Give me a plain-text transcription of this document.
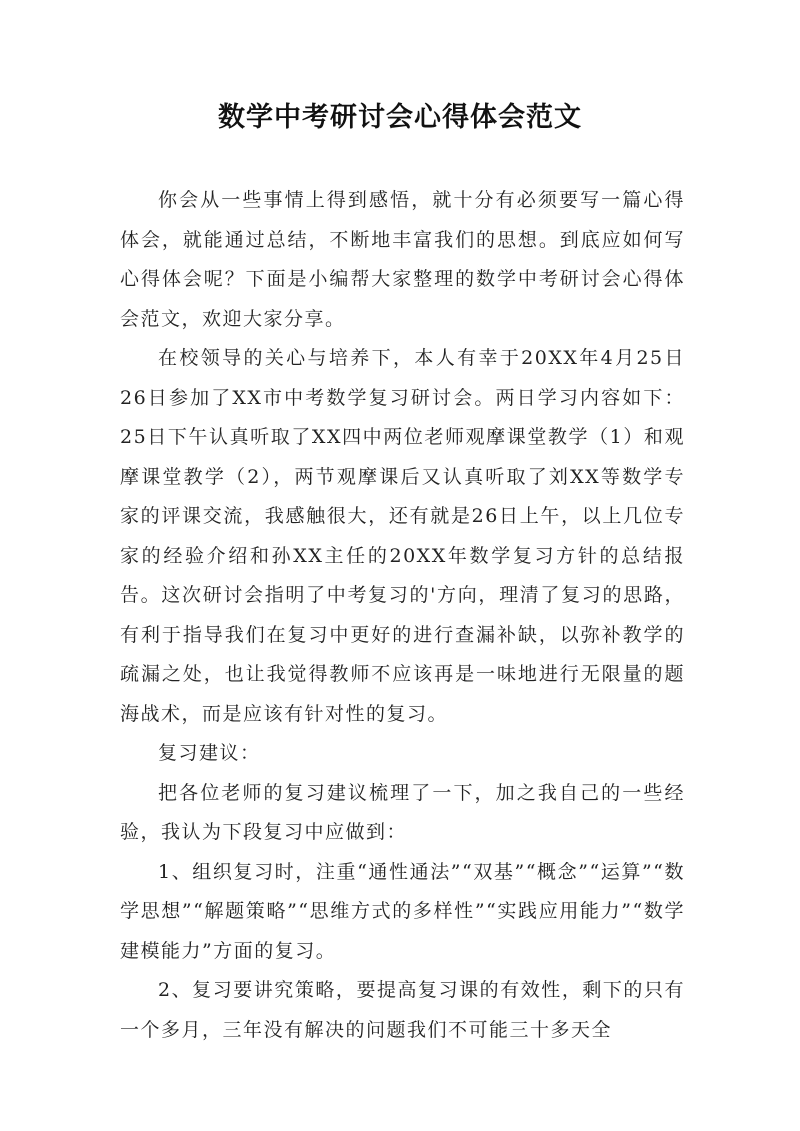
数学中考研讨会心得体会范文

你会从一些事情上得到感悟，就十分有必须要写一篇心得体会，就能通过总结，不断地丰富我们的思想。到底应如何写心得体会呢？下面是小编帮大家整理的数学中考研讨会心得体会范文，欢迎大家分享。

在校领导的关心与培养下，本人有幸于20XX年4月25日26日参加了XX市中考数学复习研讨会。两日学习内容如下：25日下午认真听取了XX四中两位老师观摩课堂教学（1）和观摩课堂教学（2），两节观摩课后又认真听取了刘XX等数学专家的评课交流，我感触很大，还有就是26日上午，以上几位专家的经验介绍和孙XX主任的20XX年数学复习方针的总结报告。这次研讨会指明了中考复习的'方向，理清了复习的思路，有利于指导我们在复习中更好的进行查漏补缺，以弥补教学的疏漏之处，也让我觉得教师不应该再是一味地进行无限量的题海战术，而是应该有针对性的复习。

复习建议：

把各位老师的复习建议梳理了一下，加之我自己的一些经验，我认为下段复习中应做到：

1、组织复习时，注重“通性通法”“双基”“概念”“运算”“数学思想”“解题策略”“思维方式的多样性”“实践应用能力”“数学建模能力”方面的复习。

2、复习要讲究策略，要提高复习课的有效性，剩下的只有一个多月，三年没有解决的问题我们不可能三十多天全
